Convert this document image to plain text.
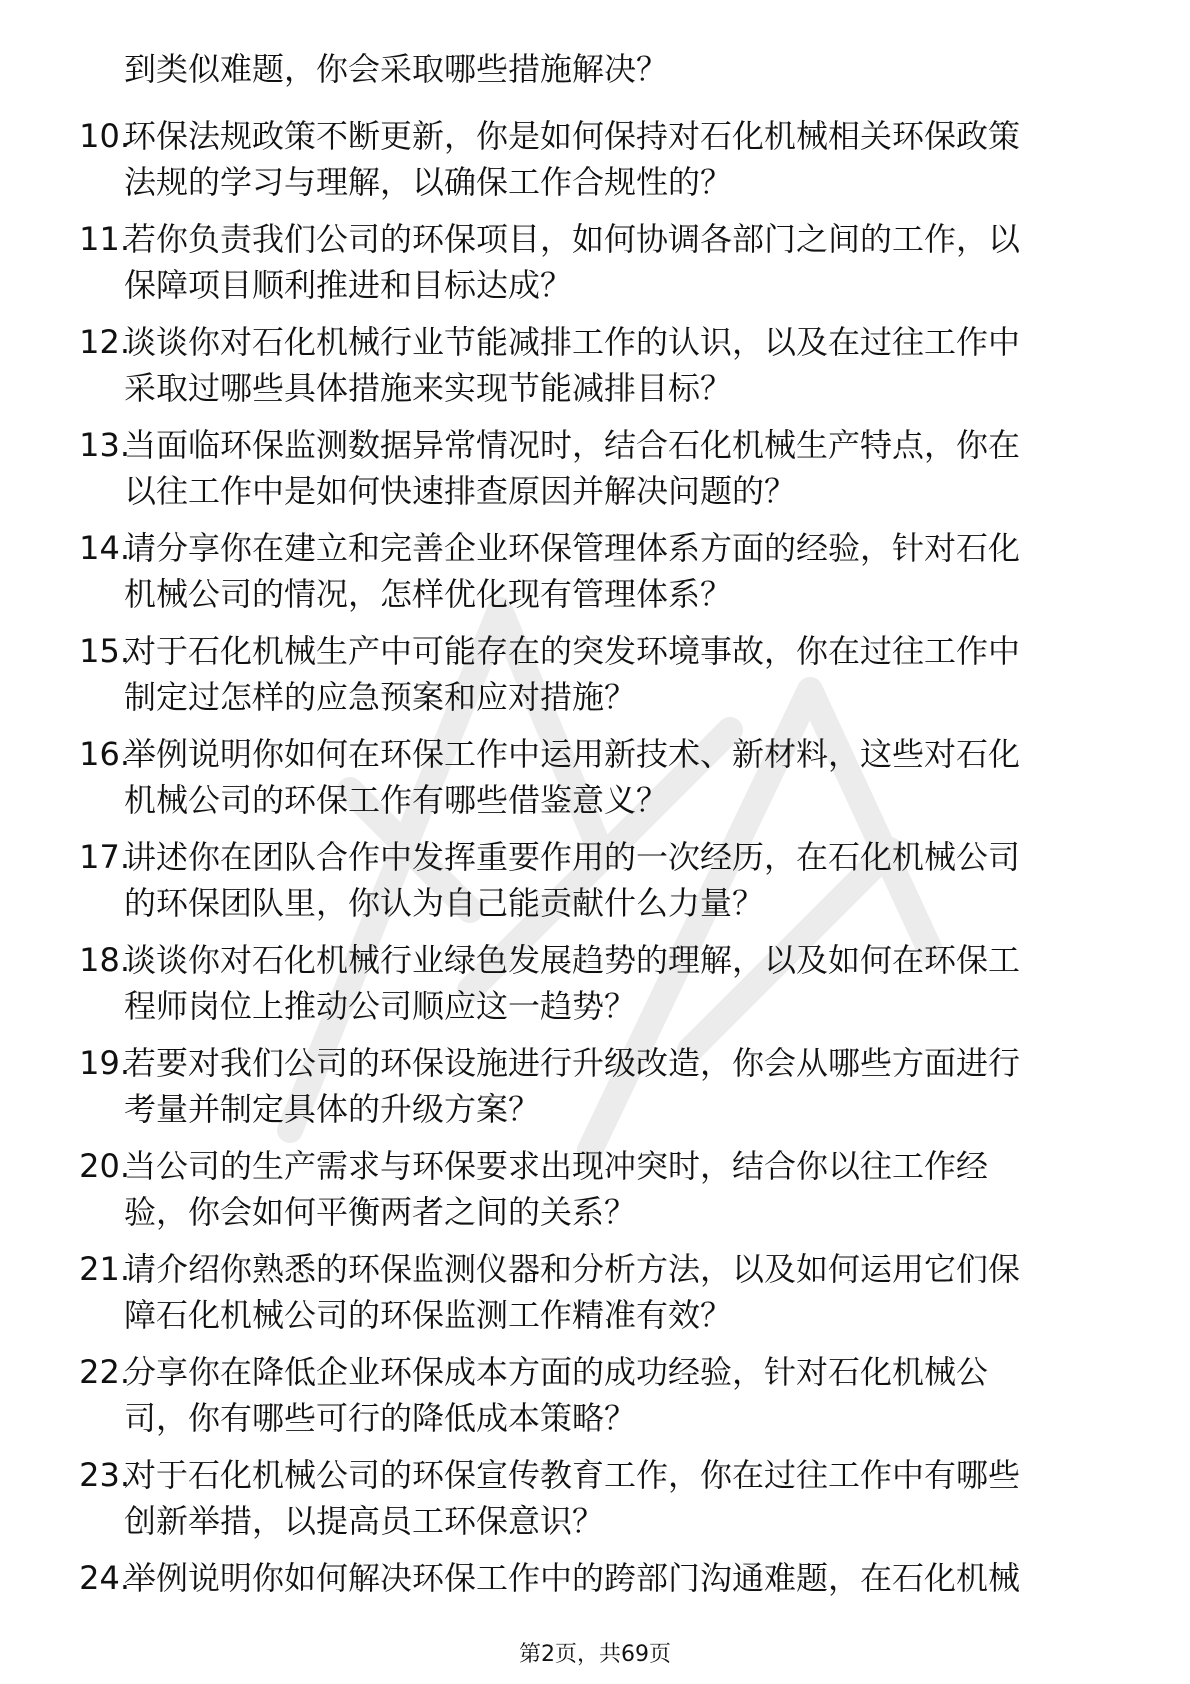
到类似难题，你会采取哪些措施解决？

10.
环保法规政策不断更新，你是如何保持对石化机械相关环保政策
法规的学习与理解，以确保工作合规性的？
11.
若你负责我们公司的环保项目，如何协调各部门之间的工作，以
保障项目顺利推进和目标达成？
12.
谈谈你对石化机械行业节能减排工作的认识，以及在过往工作中
采取过哪些具体措施来实现节能减排目标？
13.
当面临环保监测数据异常情况时，结合石化机械生产特点，你在
以往工作中是如何快速排查原因并解决问题的？
14.
请分享你在建立和完善企业环保管理体系方面的经验，针对石化
机械公司的情况，怎样优化现有管理体系？
15.
对于石化机械生产中可能存在的突发环境事故，你在过往工作中
制定过怎样的应急预案和应对措施？
16.
举例说明你如何在环保工作中运用新技术、新材料，这些对石化
机械公司的环保工作有哪些借鉴意义？
17.
讲述你在团队合作中发挥重要作用的一次经历，在石化机械公司
的环保团队里，你认为自己能贡献什么力量？
18.
谈谈你对石化机械行业绿色发展趋势的理解，以及如何在环保工
程师岗位上推动公司顺应这一趋势？
19.
若要对我们公司的环保设施进行升级改造，你会从哪些方面进行
考量并制定具体的升级方案？
20.
当公司的生产需求与环保要求出现冲突时，结合你以往工作经
验，你会如何平衡两者之间的关系？
21.
请介绍你熟悉的环保监测仪器和分析方法，以及如何运用它们保
障石化机械公司的环保监测工作精准有效？
22.
分享你在降低企业环保成本方面的成功经验，针对石化机械公
司，你有哪些可行的降低成本策略？
23.
对于石化机械公司的环保宣传教育工作，你在过往工作中有哪些
创新举措，以提高员工环保意识？
24.
举例说明你如何解决环保工作中的跨部门沟通难题，在石化机械
第2页，共69页
